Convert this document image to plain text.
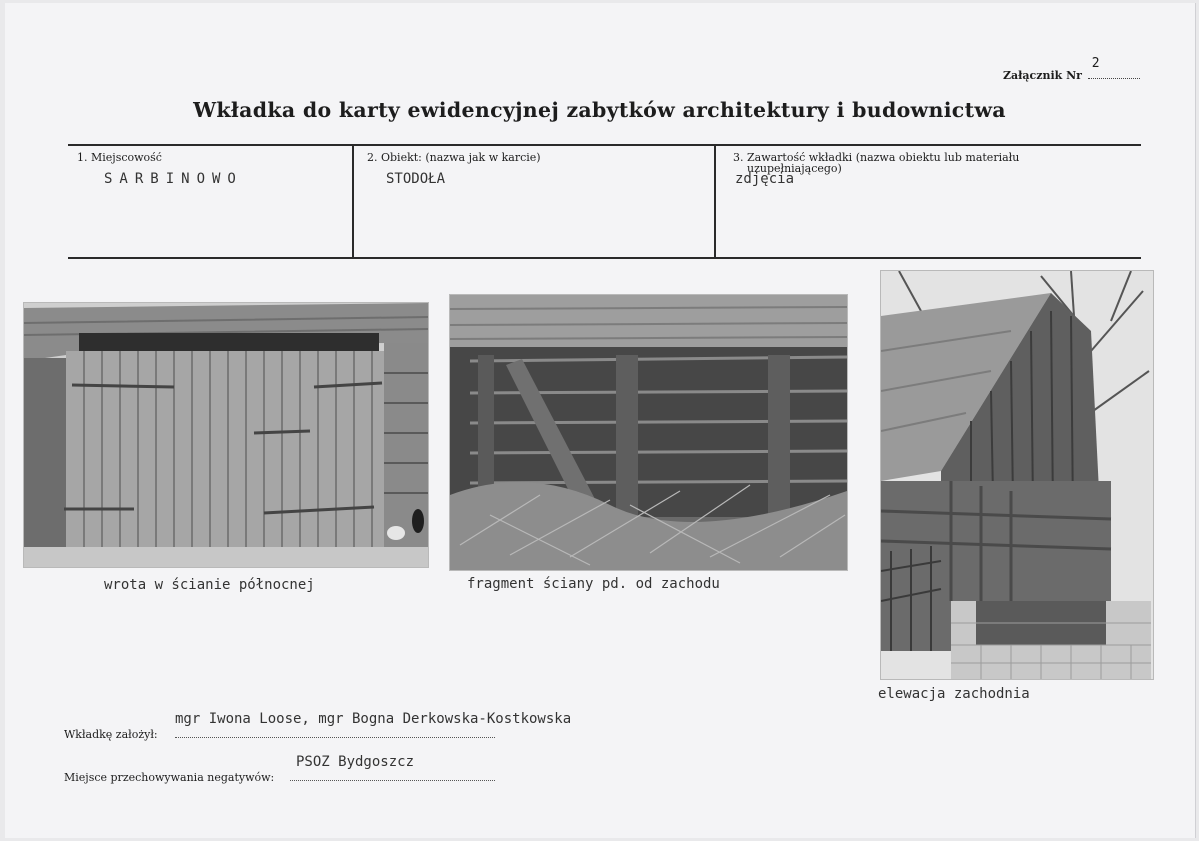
Załącznik Nr
2
Wkładka do karty ewidencyjnej zabytków architektury i budownictwa
1. Miejscowość
SARBINOWO
2. Obiekt: (nazwa jak w karcie)
STODOŁA
3. Zawartość wkładki (nazwa obiektu lub materiału
uzupełniającego)
zdjęcia
wrota w ścianie północnej	fragment ściany pd. od zachodu
elewacja zachodnia
Wkładkę założył:
mgr Iwona Loose, mgr Bogna Derkowska-Kostkowska
Miejsce przechowywania negatywów:
PSOZ Bydgoszcz
